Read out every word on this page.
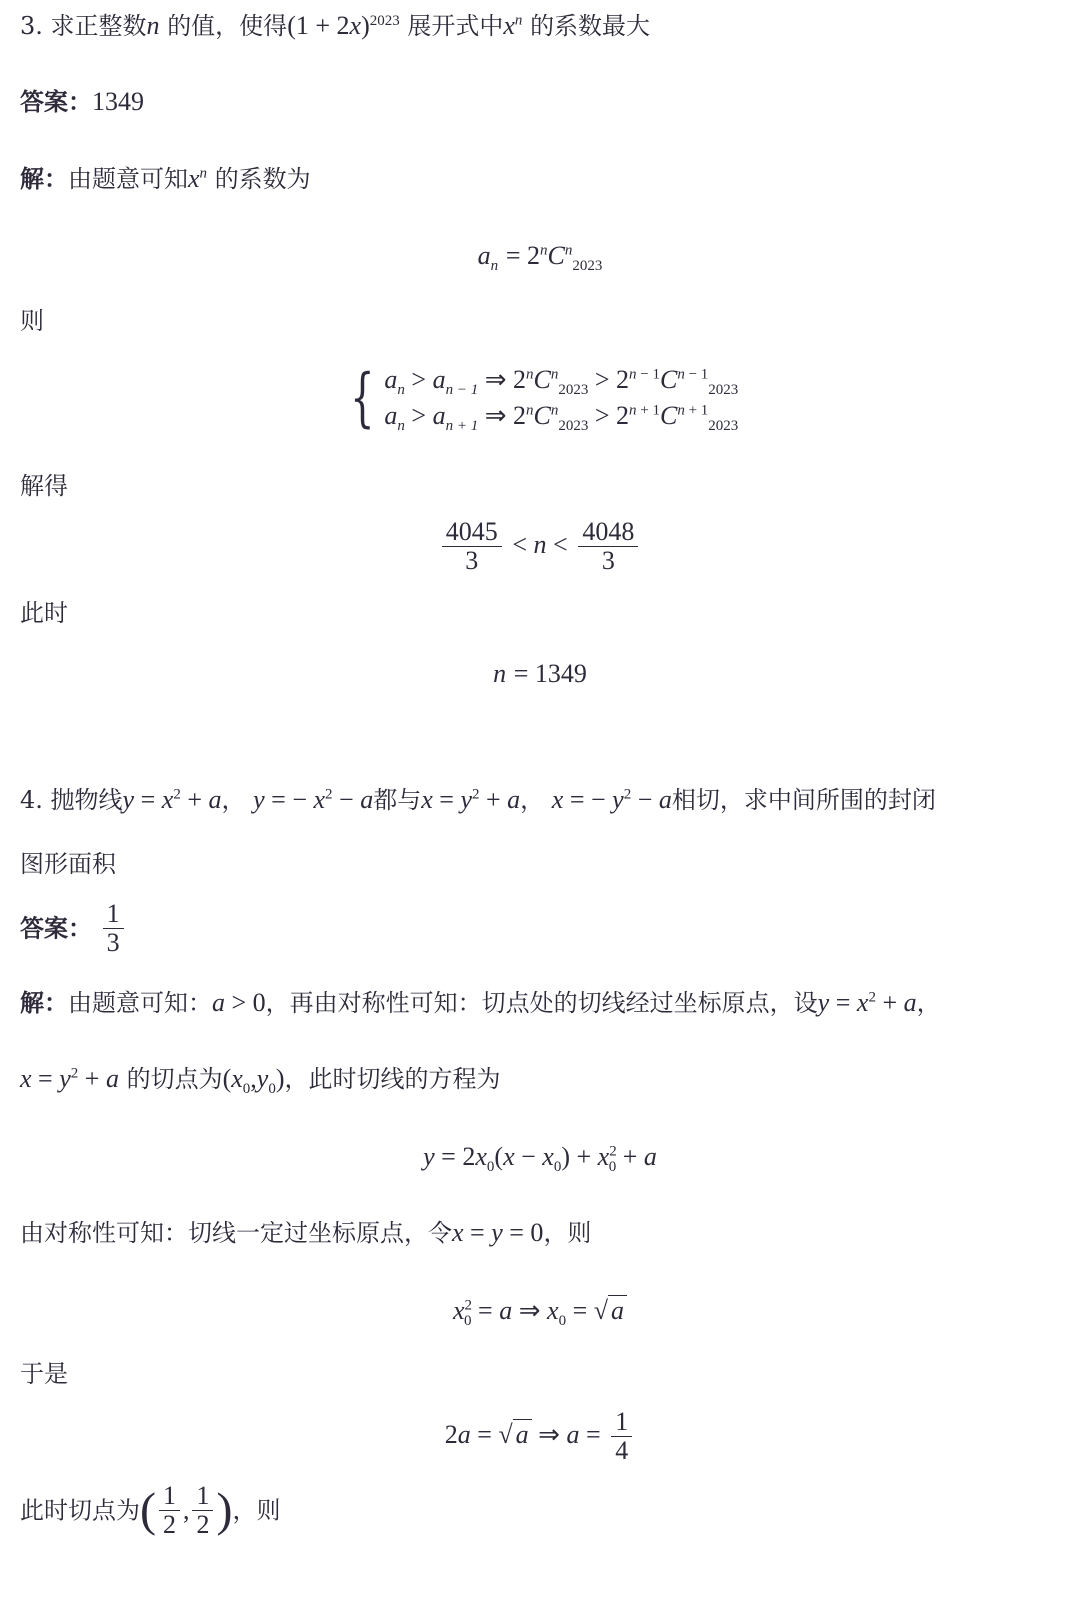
3. 求正整数n 的值，使得$(1 + 2x)^{2023}$ 展开式中$x^n$ 的系数最大
答案：1349
解：由题意可知$x^n$ 的系数为
$a_n = 2^nC^n_{2023}$
则
{ $a_n > a_{n - 1}$ ⇒ $2^nC^n_{2023} > 2^{n - 1}C^{n - 1}_{2023}$
$a_n > a_{n + 1}$ ⇒ $2^nC^n_{2023} > 2^{n + 1}C^{n + 1}_{2023}$
解得
$\frac{4045}{3} < n < \frac{4048}{3}$
此时
n = 1349
4. 抛物线$y = x^2 + a$， y = − $x^2 - a$都与$x = y^2 + a$， x = − $y^2 - a$相切，求中间所围的封闭
图形面积
答案： $\frac{1}{3}$
解：由题意可知：a > 0，再由对称性可知：切点处的切线经过坐标原点，设$y = x^2 + a$，
$x = y^2 + a$ 的切点为$(x_0,y_0)$，此时切线的方程为
$y = 2x_0(x - x_0) + x^2_0 + a$
由对称性可知：切线一定过坐标原点，令x = y = 0，则
$x^2_0 = a$ ⇒ $x_0$ = √ a
于是
2a = √ a ⇒ $a = \frac{1}{4}$
此时切点为( $\frac{1}{2}$ , $\frac{1}{2}$ )，则
